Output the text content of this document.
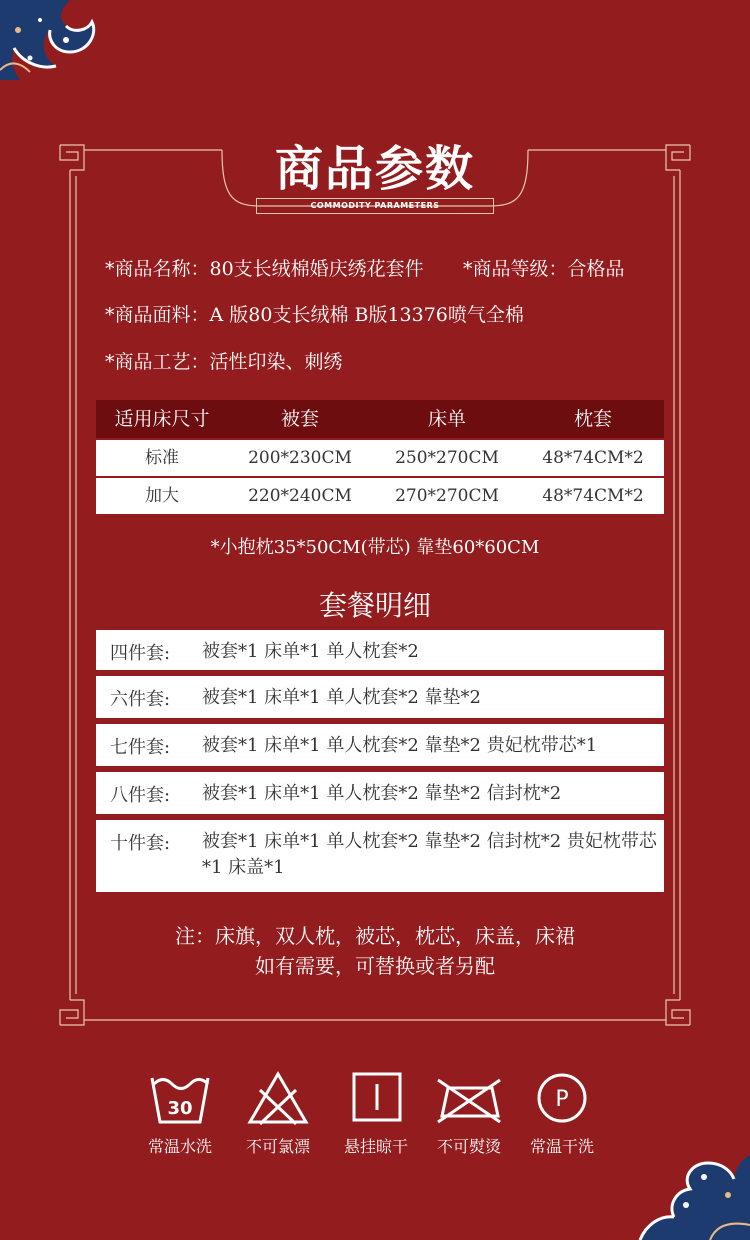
商品参数
COMMODITY PARAMETERS
*商品名称：80支长绒棉婚庆绣花套件 *商品等级：合格品
*商品面料：A 版80支长绒棉 B版13376喷气全棉
*商品工艺：活性印染、刺绣
适用床尺寸	被套	床单	枕套
标准	200*230CM	250*270CM	48*74CM*2
加大	220*240CM	270*270CM	48*74CM*2
*小抱枕35*50CM(带芯) 靠垫60*60CM
套餐明细
四件套: 被套*1 床单*1 单人枕套*2
六件套: 被套*1 床单*1 单人枕套*2 靠垫*2
七件套: 被套*1 床单*1 单人枕套*2 靠垫*2 贵妃枕带芯*1
八件套: 被套*1 床单*1 单人枕套*2 靠垫*2 信封枕*2
十件套: 被套*1 床单*1 单人枕套*2 靠垫*2 信封枕*2 贵妃枕带芯*1 床盖*1
注：床旗，双人枕，被芯，枕芯，床盖，床裙
如有需要，可替换或者另配
30
常温水洗	不可氯漂	悬挂晾干	不可熨烫
P
常温干洗
